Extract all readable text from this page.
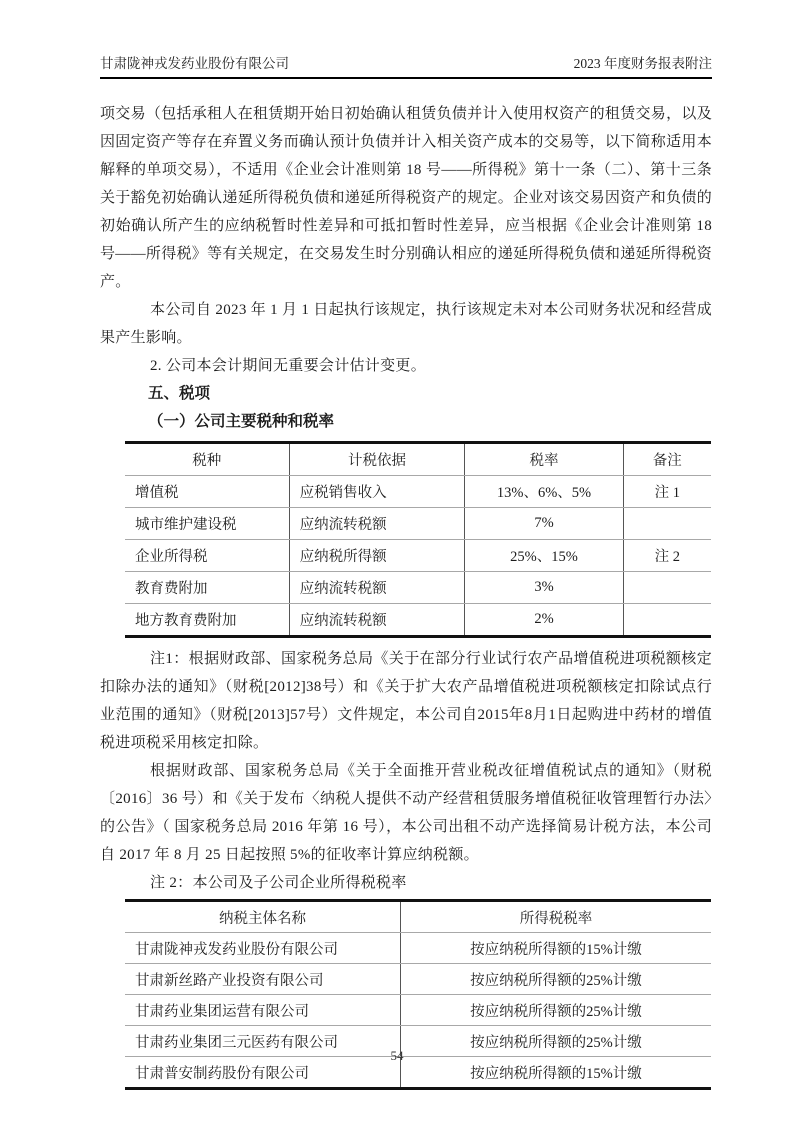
甘肃陇神戎发药业股份有限公司	2023 年度财务报表附注

项交易（包括承租人在租赁期开始日初始确认租赁负债并计入使用权资产的租赁交易，以及因固定资产等存在弃置义务而确认预计负债并计入相关资产成本的交易等，以下简称适用本解释的单项交易），不适用《企业会计准则第 18 号——所得税》第十一条（二）、第十三条关于豁免初始确认递延所得税负债和递延所得税资产的规定。企业对该交易因资产和负债的初始确认所产生的应纳税暂时性差异和可抵扣暂时性差异，应当根据《企业会计准则第 18 号——所得税》等有关规定，在交易发生时分别确认相应的递延所得税负债和递延所得税资产。

本公司自 2023 年 1 月 1 日起执行该规定，执行该规定未对本公司财务状况和经营成果产生影响。

2. 公司本会计期间无重要会计估计变更。

五、税项
（一）公司主要税种和税率
税种	计税依据	税率	备注
增值税	应税销售收入	13%、6%、5%	注 1
城市维护建设税	应纳流转税额	7%	
企业所得税	应纳税所得额	25%、15%	注 2
教育费附加	应纳流转税额	3%	
地方教育费附加	应纳流转税额	2%	

注1：根据财政部、国家税务总局《关于在部分行业试行农产品增值税进项税额核定扣除办法的通知》（财税[2012]38号）和《关于扩大农产品增值税进项税额核定扣除试点行业范围的通知》（财税[2013]57号）文件规定，本公司自2015年8月1日起购进中药材的增值税进项税采用核定扣除。

根据财政部、国家税务总局《关于全面推开营业税改征增值税试点的通知》（财税〔2016〕36 号）和《关于发布〈纳税人提供不动产经营租赁服务增值税征收管理暂行办法〉的公告》（ 国家税务总局 2016 年第 16 号），本公司出租不动产选择简易计税方法，本公司自 2017 年 8 月 25 日起按照 5%的征收率计算应纳税额。

注 2：本公司及子公司企业所得税税率

纳税主体名称	所得税税率
甘肃陇神戎发药业股份有限公司	按应纳税所得额的15%计缴
甘肃新丝路产业投资有限公司	按应纳税所得额的25%计缴
甘肃药业集团运营有限公司	按应纳税所得额的25%计缴
甘肃药业集团三元医药有限公司	按应纳税所得额的25%计缴
甘肃普安制药股份有限公司	按应纳税所得额的15%计缴
54
